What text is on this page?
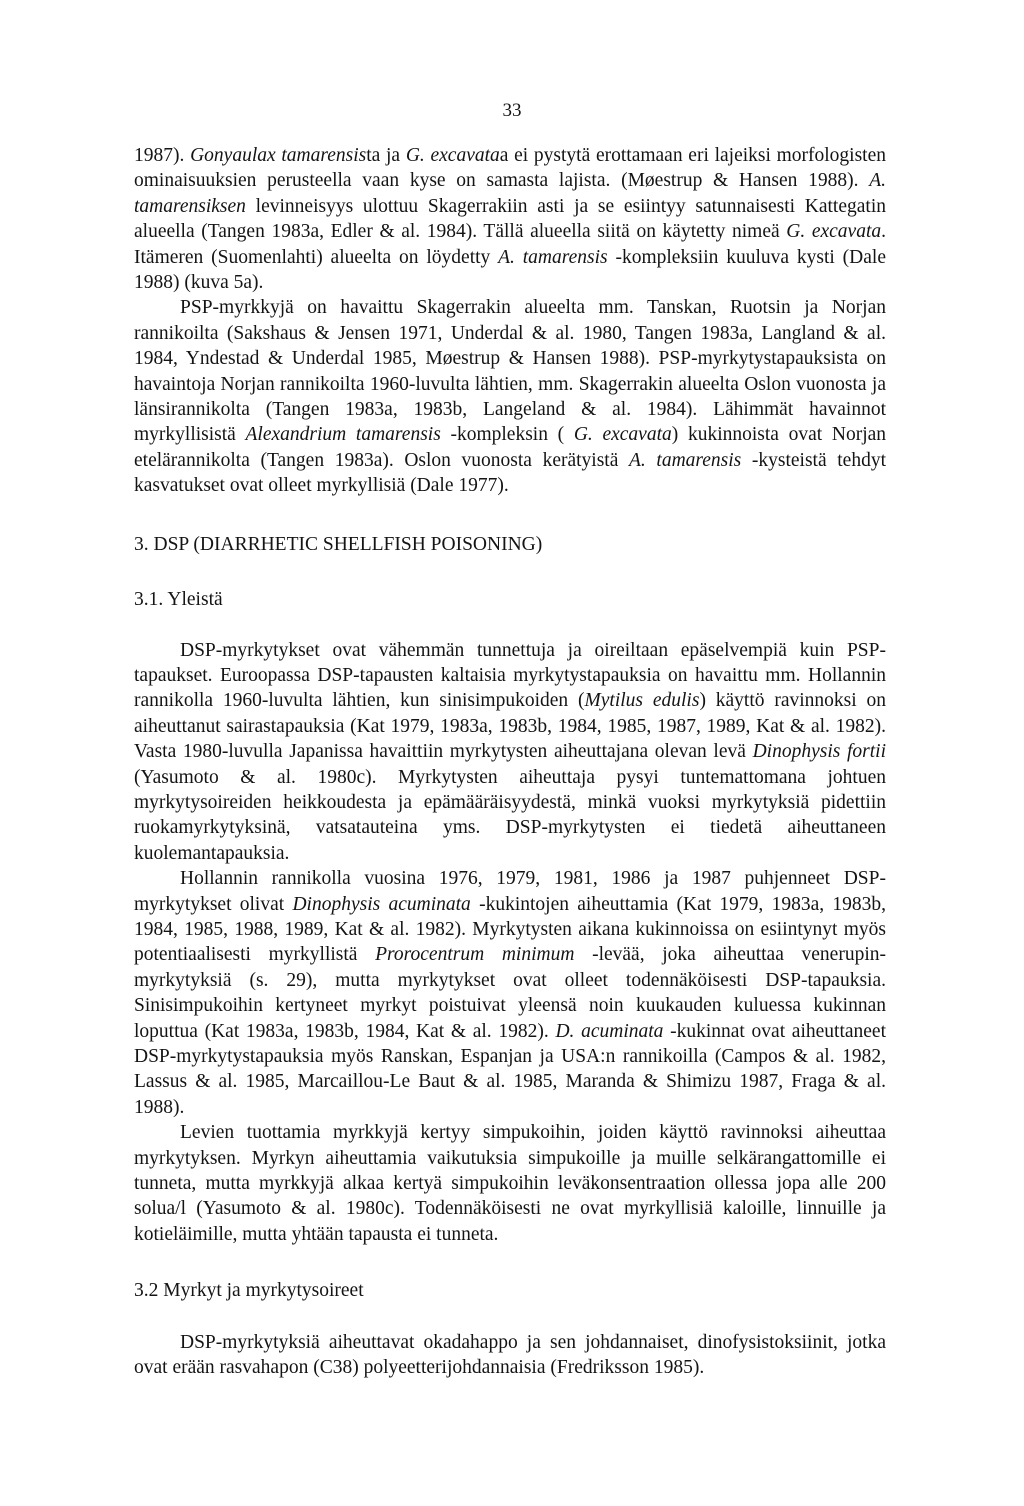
33

1987). Gonyaulax tamarensista ja G. excavataa ei pystytä erottamaan eri lajeiksi morfologisten ominaisuuksien perusteella vaan kyse on samasta lajista. (Møestrup & Hansen 1988). A. tamarensiksen levinneisyys ulottuu Skagerrakiin asti ja se esiintyy satunnaisesti Kattegatin alueella (Tangen 1983a, Edler & al. 1984). Tällä alueella siitä on käytetty nimeä G. excavata. Itämeren (Suomenlahti) alueelta on löydetty A. tamarensis -kompleksiin kuuluva kysti (Dale 1988) (kuva 5a).

PSP-myrkkyjä on havaittu Skagerrakin alueelta mm. Tanskan, Ruotsin ja Norjan rannikoilta (Sakshaus & Jensen 1971, Underdal & al. 1980, Tangen 1983a, Langland & al. 1984, Yndestad & Underdal 1985, Møestrup & Hansen 1988). PSP-myrkytystapauksista on havaintoja Norjan rannikoilta 1960-luvulta lähtien, mm. Skagerrakin alueelta Oslon vuonosta ja länsirannikolta (Tangen 1983a, 1983b, Langeland & al. 1984). Lähimmät havainnot myrkyllisistä Alexandrium tamarensis -kompleksin ( G. excavata) kukinnoista ovat Norjan etelärannikolta (Tangen 1983a). Oslon vuonosta kerätyistä A. tamarensis -kysteistä tehdyt kasvatukset ovat olleet myrkyllisiä (Dale 1977).

3. DSP (DIARRHETIC SHELLFISH POISONING)
3.1. Yleistä

DSP-myrkytykset ovat vähemmän tunnettuja ja oireiltaan epäselvempiä kuin PSP-tapaukset. Euroopassa DSP-tapausten kaltaisia myrkytystapauksia on havaittu mm. Hollannin rannikolla 1960-luvulta lähtien, kun sinisimpukoiden (Mytilus edulis) käyttö ravinnoksi on aiheuttanut sairastapauksia (Kat 1979, 1983a, 1983b, 1984, 1985, 1987, 1989, Kat & al. 1982). Vasta 1980-luvulla Japanissa havaittiin myrkytysten aiheuttajana olevan levä Dinophysis fortii (Yasumoto & al. 1980c). Myrkytysten aiheuttaja pysyi tuntemattomana johtuen myrkytysoireiden heikkoudesta ja epämääräisyydestä, minkä vuoksi myrkytyksiä pidettiin ruokamyrkytyksinä, vatsatauteina yms. DSP-myrkytysten ei tiedetä aiheuttaneen kuolemantapauksia.

Hollannin rannikolla vuosina 1976, 1979, 1981, 1986 ja 1987 puhjenneet DSP-myrkytykset olivat Dinophysis acuminata -kukintojen aiheuttamia (Kat 1979, 1983a, 1983b, 1984, 1985, 1988, 1989, Kat & al. 1982). Myrkytysten aikana kukinnoissa on esiintynyt myös potentiaalisesti myrkyllistä Prorocentrum minimum -levää, joka aiheuttaa venerupin-myrkytyksiä (s. 29), mutta myrkytykset ovat olleet todennäköisesti DSP-tapauksia. Sinisimpukoihin kertyneet myrkyt poistuivat yleensä noin kuukauden kuluessa kukinnan loputtua (Kat 1983a, 1983b, 1984, Kat & al. 1982). D. acuminata -kukinnat ovat aiheuttaneet DSP-myrkytystapauksia myös Ranskan, Espanjan ja USA:n rannikoilla (Campos & al. 1982, Lassus & al. 1985, Marcaillou-Le Baut & al. 1985, Maranda & Shimizu 1987, Fraga & al. 1988).

Levien tuottamia myrkkyjä kertyy simpukoihin, joiden käyttö ravinnoksi aiheuttaa myrkytyksen. Myrkyn aiheuttamia vaikutuksia simpukoille ja muille selkärangattomille ei tunneta, mutta myrkkyjä alkaa kertyä simpukoihin leväkonsentraation ollessa jopa alle 200 solua/l (Yasumoto & al. 1980c). Todennäköisesti ne ovat myrkyllisiä kaloille, linnuille ja kotieläimille, mutta yhtään tapausta ei tunneta.

3.2 Myrkyt ja myrkytysoireet

DSP-myrkytyksiä aiheuttavat okadahappo ja sen johdannaiset, dinofysistoksiinit, jotka ovat erään rasvahapon (C38) polyeetterijohdannaisia (Fredriksson 1985).
